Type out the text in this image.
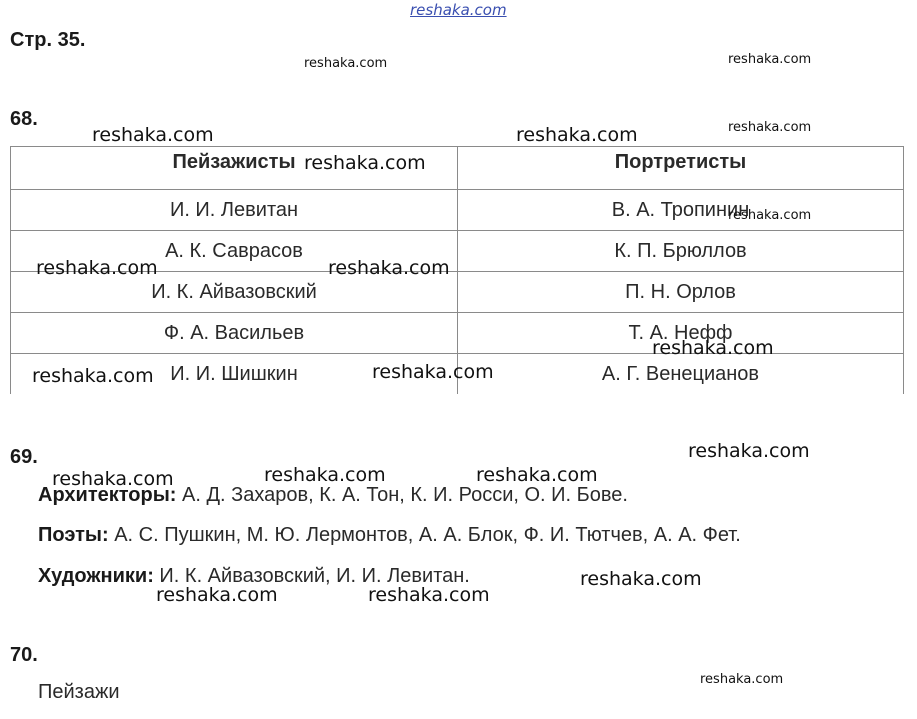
reshaka.com
Стр. 35.
68.
Пейзажисты	Портретисты
И. И. Левитан	В. А. Тропинин
А. К. Саврасов	К. П. Брюллов
И. К. Айвазовский	П. Н. Орлов
Ф. А. Васильев	Т. А. Нефф
И. И. Шишкин	А. Г. Венецианов
69.
Архитекторы: А. Д. Захаров, К. А. Тон, К. И. Росси, О. И. Бове.
Поэты: А. С. Пушкин, М. Ю. Лермонтов, А. А. Блок, Ф. И. Тютчев, А. А. Фет.
Художники: И. К. Айвазовский, И. И. Левитан.
70.
Пейзажи
reshaka.com	reshaka.com
reshaka.com
reshaka.com
reshaka.com
reshaka.com	reshaka.com
reshaka.com
reshaka.com	reshaka.com
reshaka.com
reshaka.com	reshaka.com
reshaka.com
reshaka.com	reshaka.com	reshaka.com
reshaka.com
reshaka.com	reshaka.com
